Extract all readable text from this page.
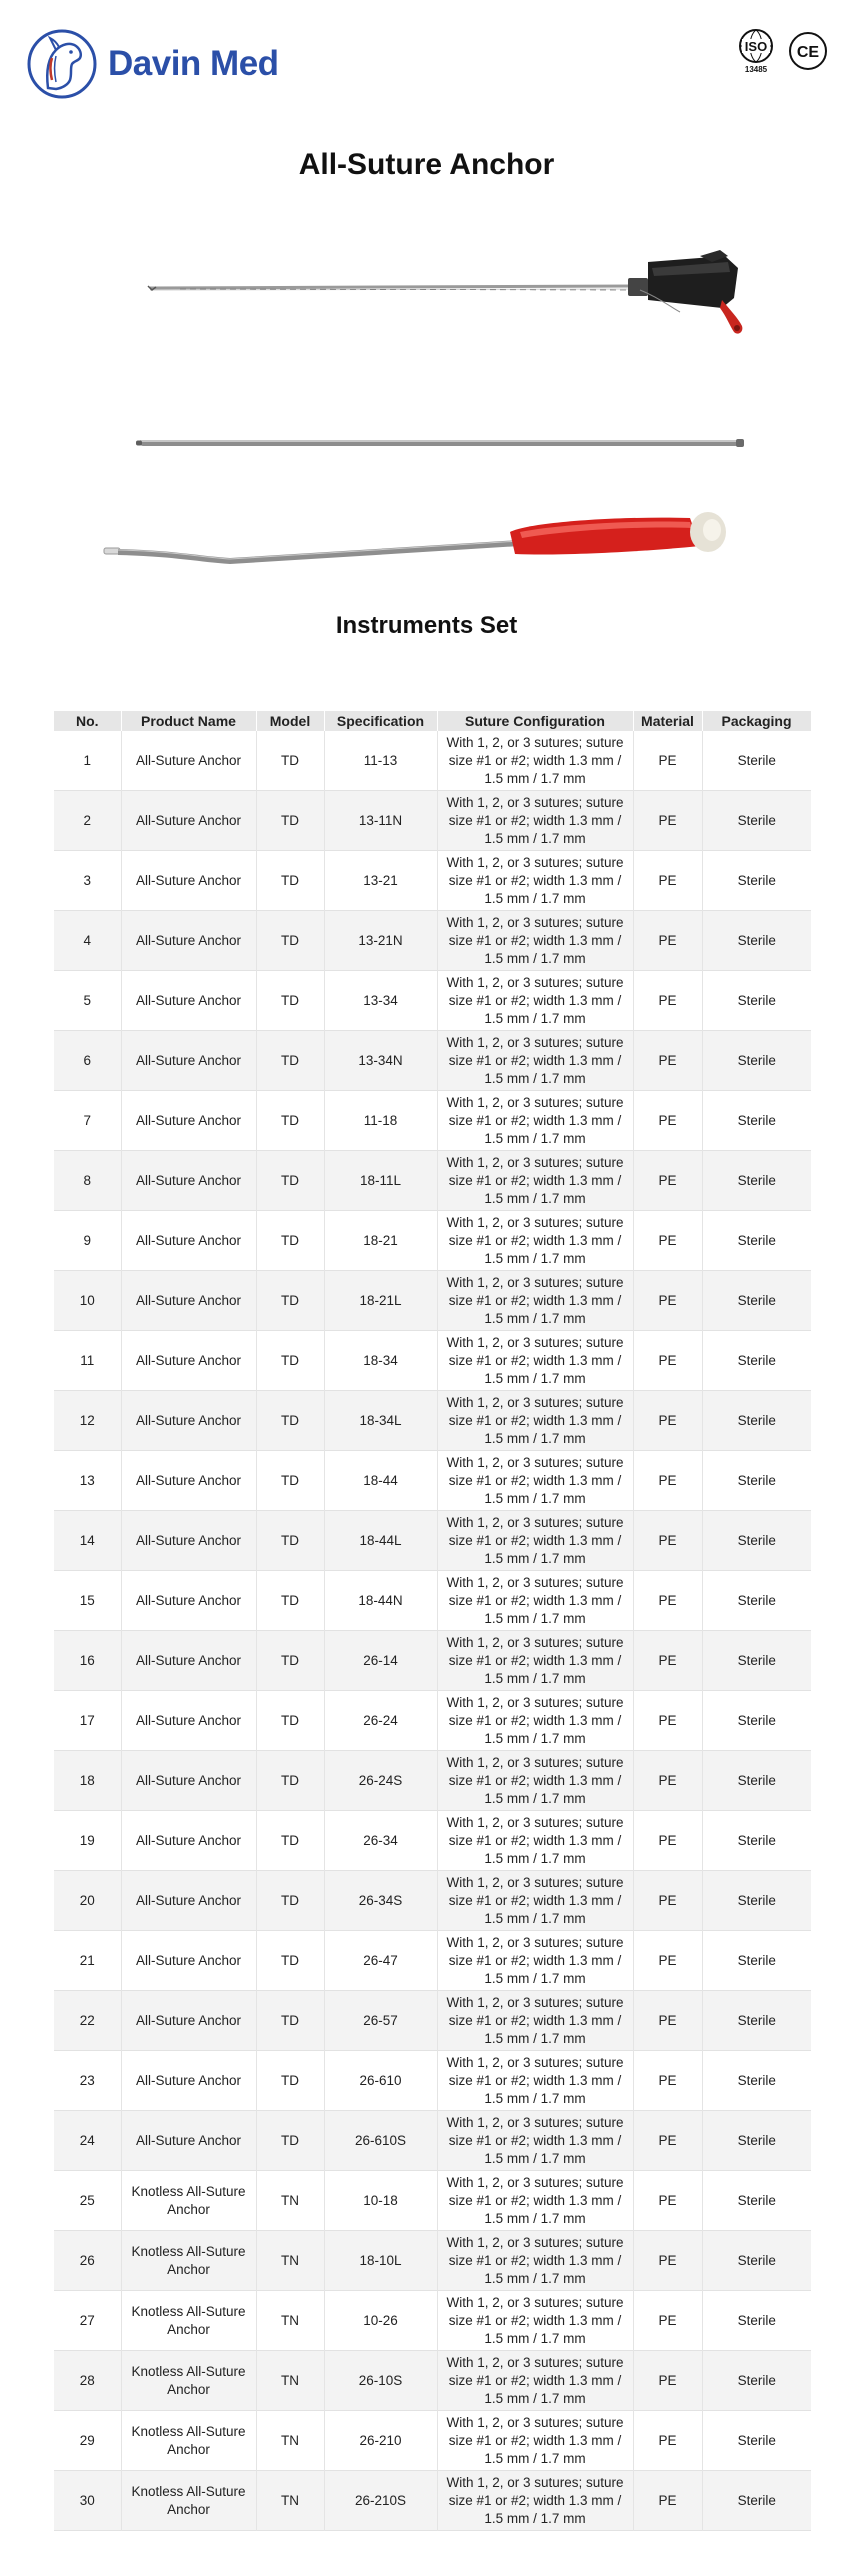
Davin Med	ISO
13485
CE
All-Suture Anchor
Instruments Set
No.	Product Name	Model	Specification	Suture Configuration	Material	Packaging
1	All-Suture Anchor	TD	11-13	With 1, 2, or 3 sutures; suture size #1 or #2; width 1.3 mm / 1.5 mm / 1.7 mm	PE	Sterile
2	All-Suture Anchor	TD	13-11N	With 1, 2, or 3 sutures; suture size #1 or #2; width 1.3 mm / 1.5 mm / 1.7 mm	PE	Sterile
3	All-Suture Anchor	TD	13-21	With 1, 2, or 3 sutures; suture size #1 or #2; width 1.3 mm / 1.5 mm / 1.7 mm	PE	Sterile
4	All-Suture Anchor	TD	13-21N	With 1, 2, or 3 sutures; suture size #1 or #2; width 1.3 mm / 1.5 mm / 1.7 mm	PE	Sterile
5	All-Suture Anchor	TD	13-34	With 1, 2, or 3 sutures; suture size #1 or #2; width 1.3 mm / 1.5 mm / 1.7 mm	PE	Sterile
6	All-Suture Anchor	TD	13-34N	With 1, 2, or 3 sutures; suture size #1 or #2; width 1.3 mm / 1.5 mm / 1.7 mm	PE	Sterile
7	All-Suture Anchor	TD	11-18	With 1, 2, or 3 sutures; suture size #1 or #2; width 1.3 mm / 1.5 mm / 1.7 mm	PE	Sterile
8	All-Suture Anchor	TD	18-11L	With 1, 2, or 3 sutures; suture size #1 or #2; width 1.3 mm / 1.5 mm / 1.7 mm	PE	Sterile
9	All-Suture Anchor	TD	18-21	With 1, 2, or 3 sutures; suture size #1 or #2; width 1.3 mm / 1.5 mm / 1.7 mm	PE	Sterile
10	All-Suture Anchor	TD	18-21L	With 1, 2, or 3 sutures; suture size #1 or #2; width 1.3 mm / 1.5 mm / 1.7 mm	PE	Sterile
11	All-Suture Anchor	TD	18-34	With 1, 2, or 3 sutures; suture size #1 or #2; width 1.3 mm / 1.5 mm / 1.7 mm	PE	Sterile
12	All-Suture Anchor	TD	18-34L	With 1, 2, or 3 sutures; suture size #1 or #2; width 1.3 mm / 1.5 mm / 1.7 mm	PE	Sterile
13	All-Suture Anchor	TD	18-44	With 1, 2, or 3 sutures; suture size #1 or #2; width 1.3 mm / 1.5 mm / 1.7 mm	PE	Sterile
14	All-Suture Anchor	TD	18-44L	With 1, 2, or 3 sutures; suture size #1 or #2; width 1.3 mm / 1.5 mm / 1.7 mm	PE	Sterile
15	All-Suture Anchor	TD	18-44N	With 1, 2, or 3 sutures; suture size #1 or #2; width 1.3 mm / 1.5 mm / 1.7 mm	PE	Sterile
16	All-Suture Anchor	TD	26-14	With 1, 2, or 3 sutures; suture size #1 or #2; width 1.3 mm / 1.5 mm / 1.7 mm	PE	Sterile
17	All-Suture Anchor	TD	26-24	With 1, 2, or 3 sutures; suture size #1 or #2; width 1.3 mm / 1.5 mm / 1.7 mm	PE	Sterile
18	All-Suture Anchor	TD	26-24S	With 1, 2, or 3 sutures; suture size #1 or #2; width 1.3 mm / 1.5 mm / 1.7 mm	PE	Sterile
19	All-Suture Anchor	TD	26-34	With 1, 2, or 3 sutures; suture size #1 or #2; width 1.3 mm / 1.5 mm / 1.7 mm	PE	Sterile
20	All-Suture Anchor	TD	26-34S	With 1, 2, or 3 sutures; suture size #1 or #2; width 1.3 mm / 1.5 mm / 1.7 mm	PE	Sterile
21	All-Suture Anchor	TD	26-47	With 1, 2, or 3 sutures; suture size #1 or #2; width 1.3 mm / 1.5 mm / 1.7 mm	PE	Sterile
22	All-Suture Anchor	TD	26-57	With 1, 2, or 3 sutures; suture size #1 or #2; width 1.3 mm / 1.5 mm / 1.7 mm	PE	Sterile
23	All-Suture Anchor	TD	26-610	With 1, 2, or 3 sutures; suture size #1 or #2; width 1.3 mm / 1.5 mm / 1.7 mm	PE	Sterile
24	All-Suture Anchor	TD	26-610S	With 1, 2, or 3 sutures; suture size #1 or #2; width 1.3 mm / 1.5 mm / 1.7 mm	PE	Sterile
25	Knotless All-Suture Anchor	TN	10-18	With 1, 2, or 3 sutures; suture size #1 or #2; width 1.3 mm / 1.5 mm / 1.7 mm	PE	Sterile
26	Knotless All-Suture Anchor	TN	18-10L	With 1, 2, or 3 sutures; suture size #1 or #2; width 1.3 mm / 1.5 mm / 1.7 mm	PE	Sterile
27	Knotless All-Suture Anchor	TN	10-26	With 1, 2, or 3 sutures; suture size #1 or #2; width 1.3 mm / 1.5 mm / 1.7 mm	PE	Sterile
28	Knotless All-Suture Anchor	TN	26-10S	With 1, 2, or 3 sutures; suture size #1 or #2; width 1.3 mm / 1.5 mm / 1.7 mm	PE	Sterile
29	Knotless All-Suture Anchor	TN	26-210	With 1, 2, or 3 sutures; suture size #1 or #2; width 1.3 mm / 1.5 mm / 1.7 mm	PE	Sterile
30	Knotless All-Suture Anchor	TN	26-210S	With 1, 2, or 3 sutures; suture size #1 or #2; width 1.3 mm / 1.5 mm / 1.7 mm	PE	Sterile
